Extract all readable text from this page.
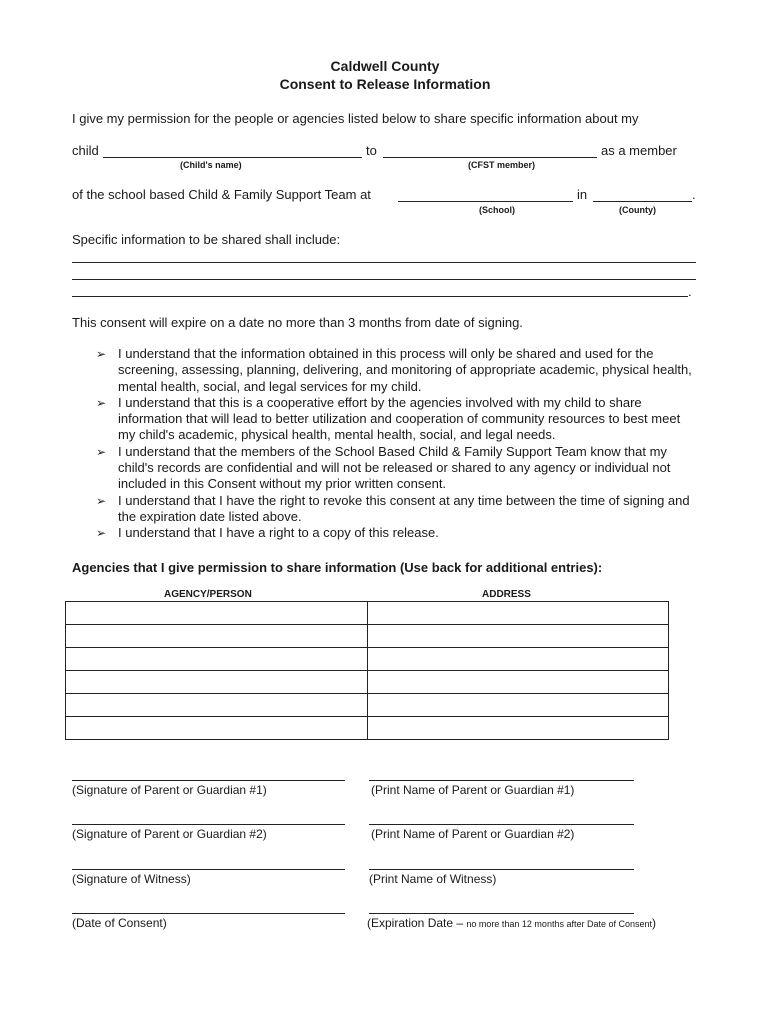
Caldwell County
Consent to Release Information
I give my permission for the people or agencies listed below to share specific information about my
child	to	as a member
(Child's name)	(CFST member)
of the school based Child & Family Support Team at	in	.
(School)	(County)
Specific information to be shared shall include:
.
This consent will expire on a date no more than 3 months from date of signing.
➢ I understand that the information obtained in this process will only be shared and used for the screening, assessing, planning, delivering, and monitoring of appropriate academic, physical health, mental health, social, and legal services for my child.
➢ I understand that this is a cooperative effort by the agencies involved with my child to share information that will lead to better utilization and cooperation of community resources to best meet my child's academic, physical health, mental health, social, and legal needs.
➢ I understand that the members of the School Based Child & Family Support Team know that my child's records are confidential and will not be released or shared to any agency or individual not included in this Consent without my prior written consent.
➢ I understand that I have the right to revoke this consent at any time between the time of signing and the expiration date listed above.
➢ I understand that I have a right to a copy of this release.
Agencies that I give permission to share information (Use back for additional entries):
AGENCY/PERSON	ADDRESS

(Signature of Parent or Guardian #1)	(Print Name of Parent or Guardian #1)
(Signature of Parent or Guardian #2)	(Print Name of Parent or Guardian #2)
(Signature of Witness)	(Print Name of Witness)
(Date of Consent)	(Expiration Date – no more than 12 months after Date of Consent)
